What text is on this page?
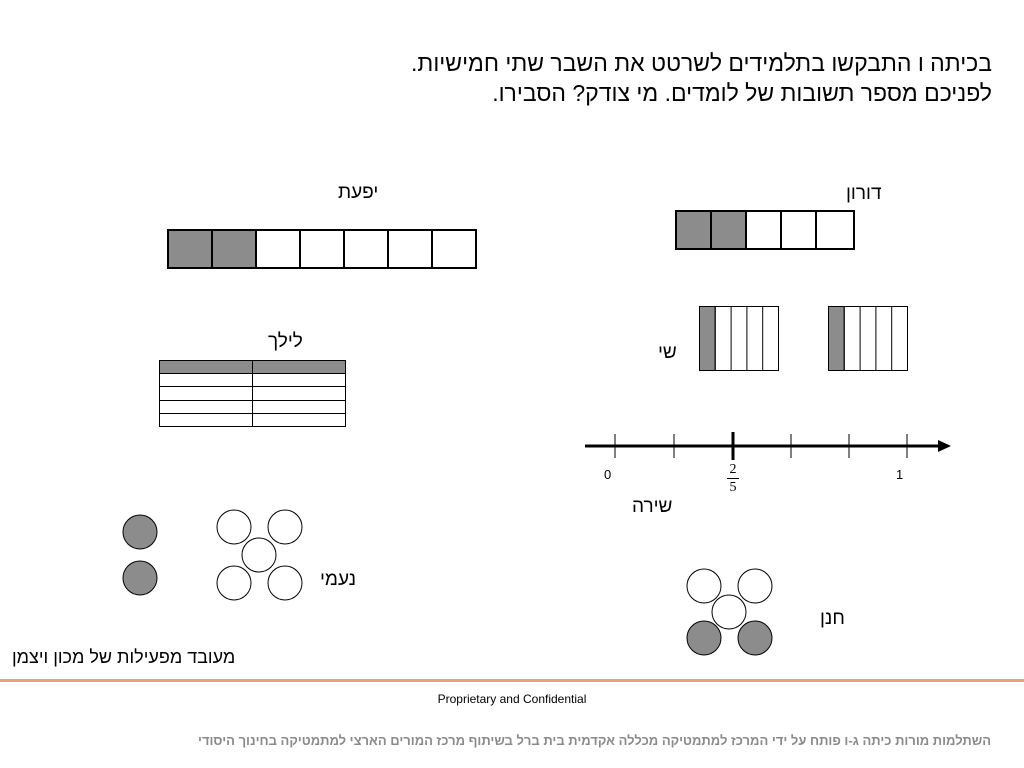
בכיתה ו התבקשו בתלמידים לשרטט את השבר שתי חמישיות.
לפניכם מספר תשובות של לומדים. מי צודק? הסבירו.
יפעת	דורון
לילך
שי
0	1
2
5
שירה
נעמי
חנן
מעובד מפעילות של מכון ויצמן
Proprietary and Confidential
השתלמות מורות כיתה ג-ו פותח על ידי המרכז למתמטיקה מכללה אקדמית בית ברל בשיתוף מרכז המורים הארצי למתמטיקה בחינוך היסודי
